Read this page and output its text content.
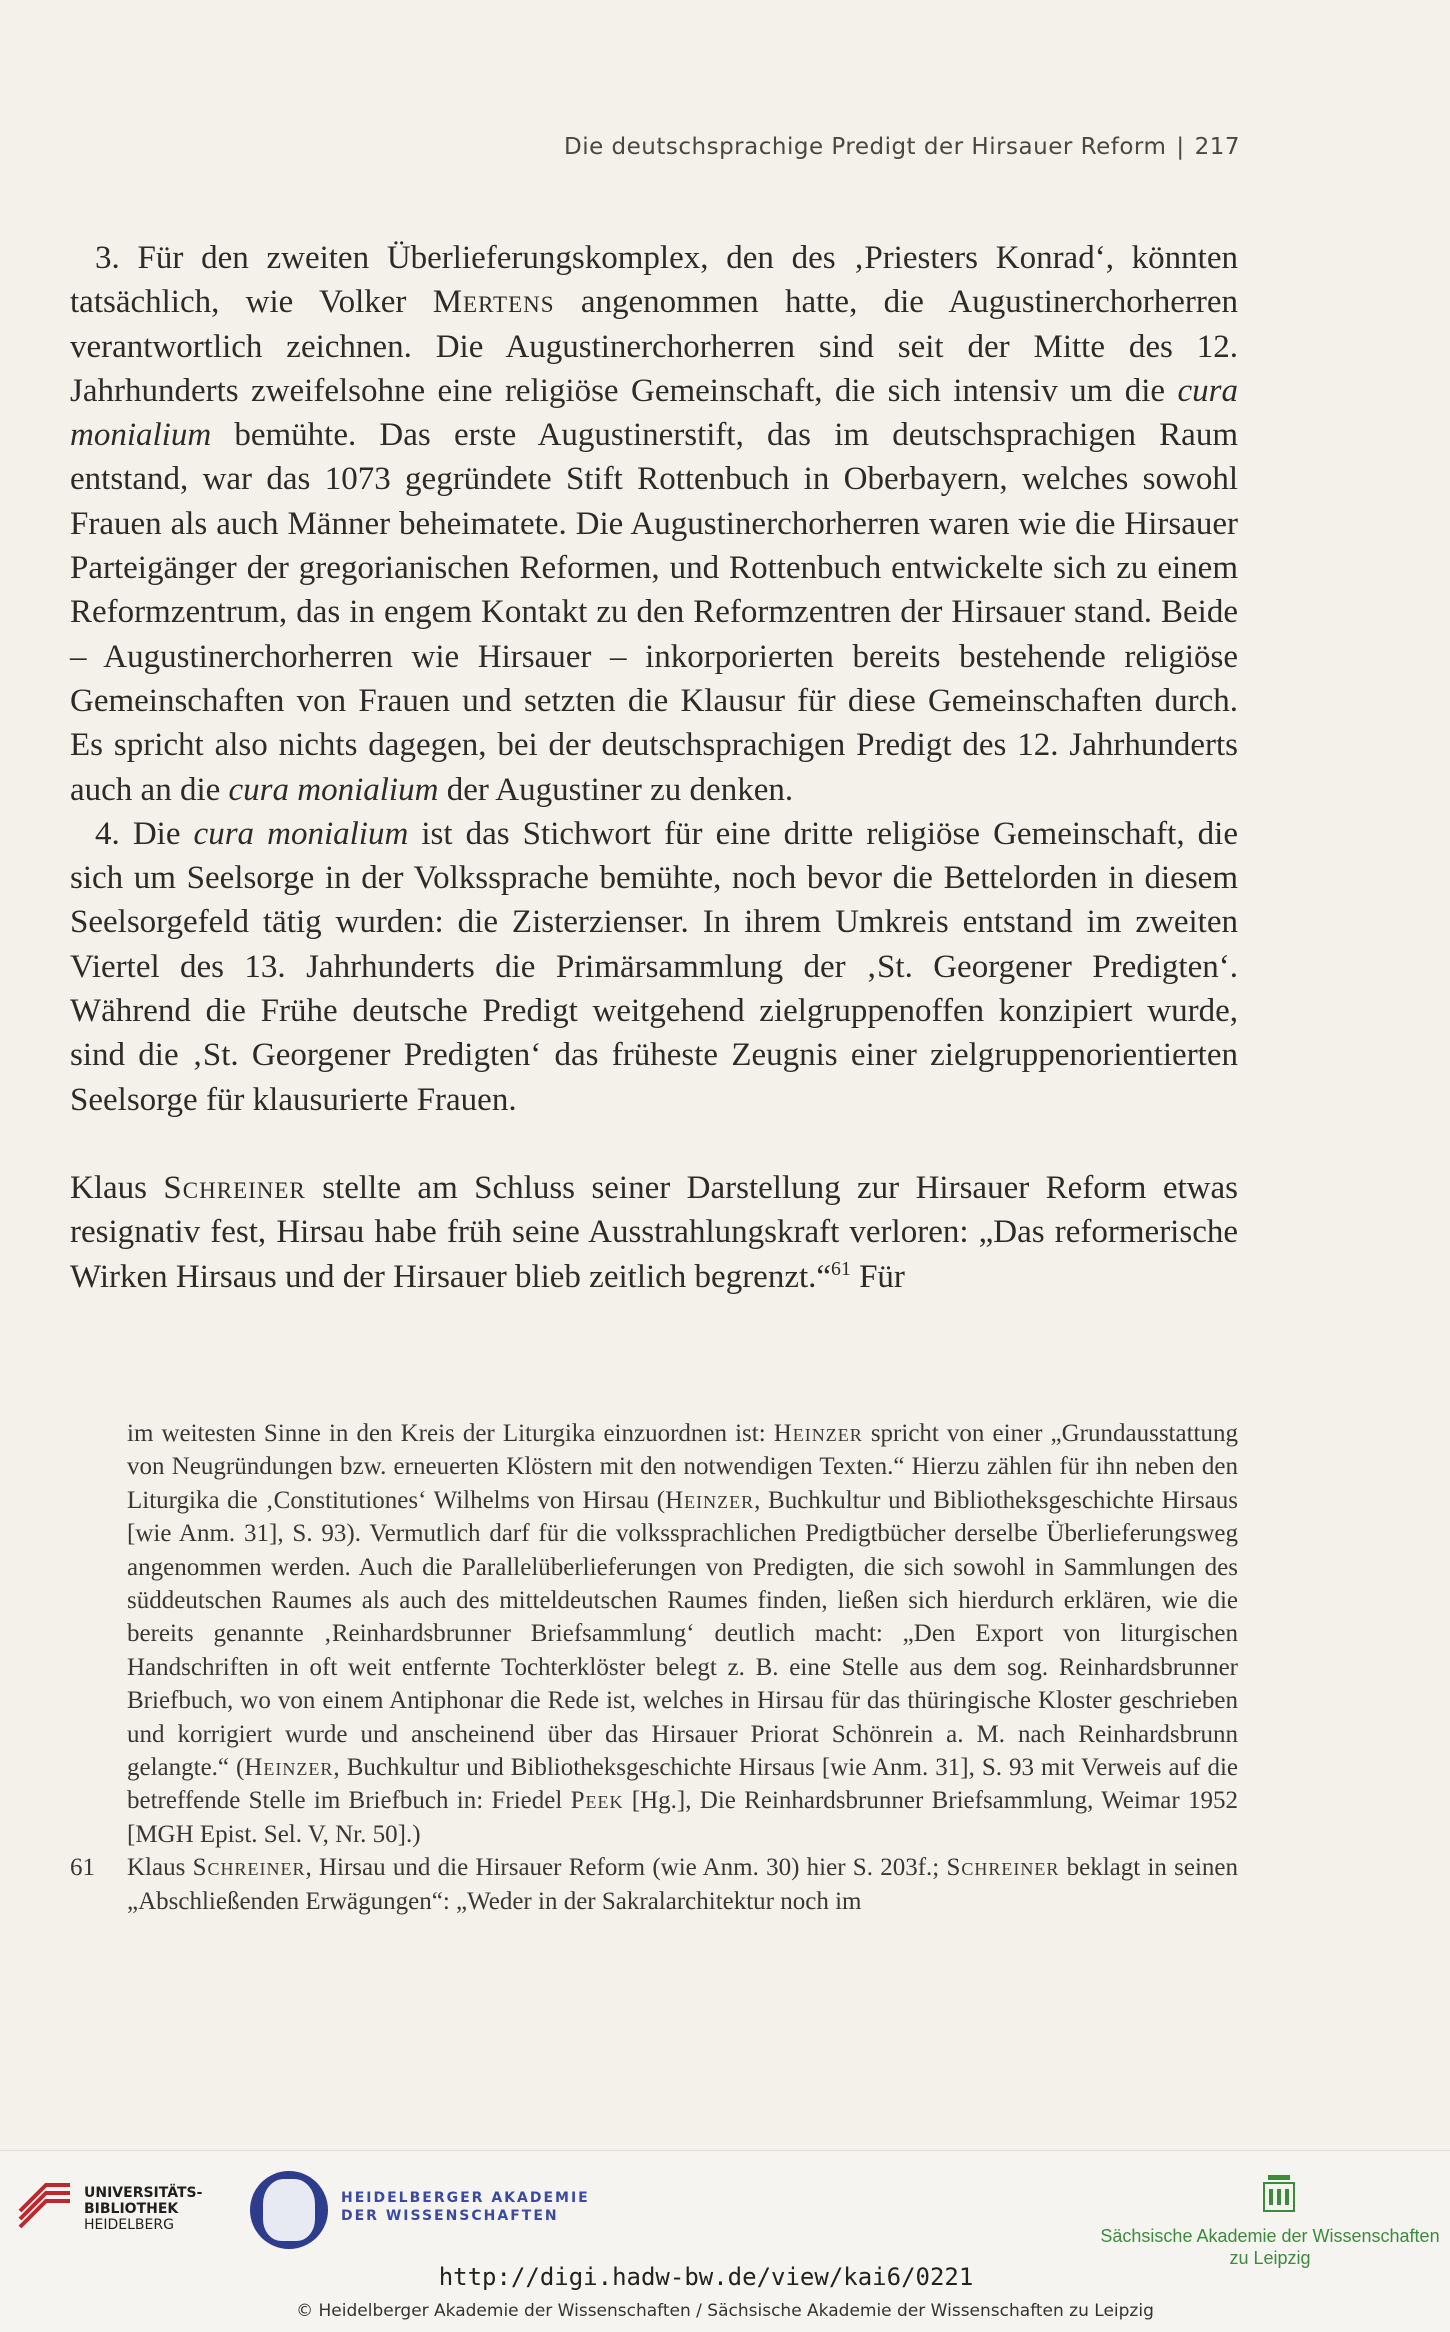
Die deutschsprachige Predigt der Hirsauer Reform | 217

3. Für den zweiten Überlieferungskomplex, den des ‚Priesters Konrad‘, könnten tatsächlich, wie Volker Mertens angenommen hatte, die Augustinerchorherren verantwortlich zeichnen. Die Augustinerchorherren sind seit der Mitte des 12. Jahrhunderts zweifelsohne eine religiöse Gemeinschaft, die sich intensiv um die cura monialium bemühte. Das erste Augustinerstift, das im deutschsprachigen Raum entstand, war das 1073 gegründete Stift Rottenbuch in Oberbayern, welches sowohl Frauen als auch Männer beheimatete. Die Augustinerchorherren waren wie die Hirsauer Parteigänger der gregorianischen Reformen, und Rottenbuch entwickelte sich zu einem Reformzentrum, das in engem Kontakt zu den Reformzentren der Hirsauer stand. Beide – Augustinerchorherren wie Hirsauer – inkorporierten bereits bestehende religiöse Gemeinschaften von Frauen und setzten die Klausur für diese Gemeinschaften durch. Es spricht also nichts dagegen, bei der deutschsprachigen Predigt des 12. Jahrhunderts auch an die cura monialium der Augustiner zu denken.

4. Die cura monialium ist das Stichwort für eine dritte religiöse Gemeinschaft, die sich um Seelsorge in der Volkssprache bemühte, noch bevor die Bettelorden in diesem Seelsorgefeld tätig wurden: die Zisterzienser. In ihrem Umkreis entstand im zweiten Viertel des 13. Jahrhunderts die Primärsammlung der ‚St. Georgener Predigten‘. Während die Frühe deutsche Predigt weitgehend zielgruppenoffen konzipiert wurde, sind die ‚St. Georgener Predigten‘ das früheste Zeugnis einer zielgruppenorientierten Seelsorge für klausurierte Frauen.

Klaus Schreiner stellte am Schluss seiner Darstellung zur Hirsauer Reform etwas resignativ fest, Hirsau habe früh seine Ausstrahlungskraft verloren: „Das reformerische Wirken Hirsaus und der Hirsauer blieb zeitlich begrenzt.“$^{61}$ Für

im weitesten Sinne in den Kreis der Liturgika einzuordnen ist: Heinzer spricht von einer „Grundausstattung von Neugründungen bzw. erneuerten Klöstern mit den notwendigen Texten.“ Hierzu zählen für ihn neben den Liturgika die ‚Constitutiones‘ Wilhelms von Hirsau (Heinzer, Buchkultur und Bibliotheksgeschichte Hirsaus [wie Anm. 31], S. 93). Vermutlich darf für die volkssprachlichen Predigtbücher derselbe Überlieferungsweg angenommen werden. Auch die Parallelüberlieferungen von Predigten, die sich sowohl in Sammlungen des süddeutschen Raumes als auch des mitteldeutschen Raumes finden, ließen sich hierdurch erklären, wie die bereits genannte ‚Reinhardsbrunner Briefsammlung‘ deutlich macht: „Den Export von liturgischen Handschriften in oft weit entfernte Tochterklöster belegt z. B. eine Stelle aus dem sog. Reinhardsbrunner Briefbuch, wo von einem Antiphonar die Rede ist, welches in Hirsau für das thüringische Kloster geschrieben und korrigiert wurde und anscheinend über das Hirsauer Priorat Schönrein a. M. nach Reinhardsbrunn gelangte.“ (Heinzer, Buchkultur und Bibliotheksgeschichte Hirsaus [wie Anm. 31], S. 93 mit Verweis auf die betreffende Stelle im Briefbuch in: Friedel Peek [Hg.], Die Reinhardsbrunner Briefsammlung, Weimar 1952 [MGH Epist. Sel. V, Nr. 50].)

61	Klaus Schreiner, Hirsau und die Hirsauer Reform (wie Anm. 30) hier S. 203f.; Schreiner beklagt in seinen „Abschließenden Erwägungen“: „Weder in der Sakralarchitektur noch im
UNIVERSITÄTS-
BIBLIOTHEK
HEIDELBERG
HEIDELBERGER AKADEMIE
DER WISSENSCHAFTEN
Sächsische Akademie der Wissenschaften
zu Leipzig
http://digi.hadw-bw.de/view/kai6/0221
© Heidelberger Akademie der Wissenschaften / Sächsische Akademie der Wissenschaften zu Leipzig
